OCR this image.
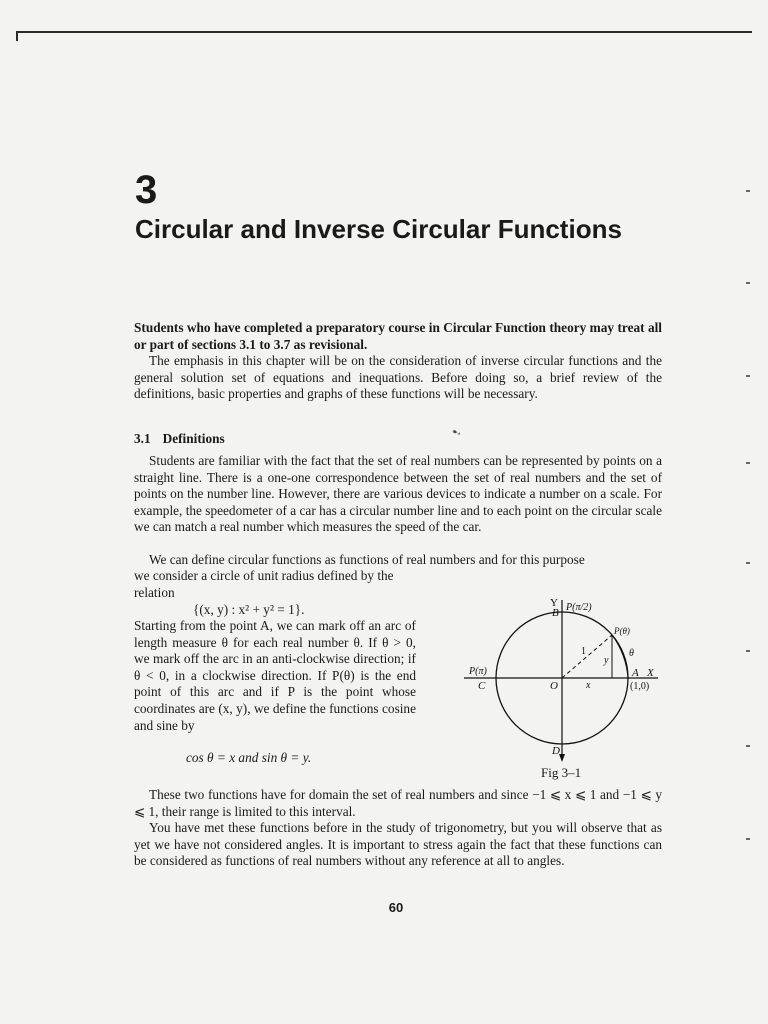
3
Circular and Inverse Circular Functions

Students who have completed a preparatory course in Circular Function theory may treat all or part of sections 3.1 to 3.7 as revisional.

The emphasis in this chapter will be on the consideration of inverse circular functions and the general solution set of equations and inequations. Before doing so, a brief review of the definitions, basic properties and graphs of these functions will be necessary.

➸
3.1 Definitions

Students are familiar with the fact that the set of real numbers can be represented by points on a straight line. There is a one-one correspondence between the set of real numbers and the set of points on the number line. However, there are various devices to indicate a number on a scale. For example, the speedometer of a car has a circular number line and to each point on the circular scale we can match a real number which measures the speed of the car.

We can define circular functions as functions of real numbers and for this purpose

we consider a circle of unit radius defined by the relation

{(x, y) : x² + y² = 1}.

Starting from the point A, we can mark off an arc of length measure θ for each real number θ. If θ > 0, we mark off the arc in an anti-clockwise direction; if θ < 0, in a clockwise direction. If P(θ) is the end point of this arc and if P is the point whose coordinates are (x, y), we define the functions cosine and sine by

cos θ = x and sin θ = y.
Y
B P(π/2)
P(θ)
θ
1
y
x
O
A X
(1,0)
P(π)
C
D
Fig 3–1

These two functions have for domain the set of real numbers and since −1 ⩽ x ⩽ 1 and −1 ⩽ y ⩽ 1, their range is limited to this interval.

You have met these functions before in the study of trigonometry, but you will observe that as yet we have not considered angles. It is important to stress again the fact that these functions can be considered as functions of real numbers without any reference at all to angles.

60
